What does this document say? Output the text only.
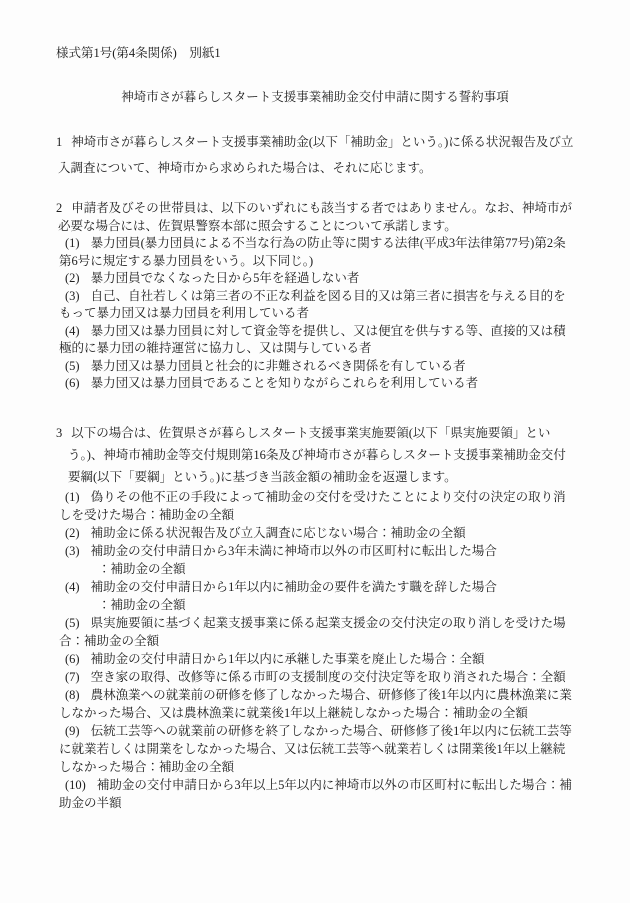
様式第1号(第4条関係)　別紙1

神埼市さが暮らしスタート支援事業補助金交付申請に関する誓約事項

1 神埼市さが暮らしスタート支援事業補助金(以下「補助金」という。)に係る状況報告及び立入調査について、神埼市から求められた場合は、それに応じます。

2 申請者及びその世帯員は、以下のいずれにも該当する者ではありません。なお、神埼市が必要な場合には、佐賀県警察本部に照会することについて承諾します。

(1) 暴力団員(暴力団員による不当な行為の防止等に関する法律(平成3年法律第77号)第2条第6号に規定する暴力団員をいう。以下同じ。)

(2) 暴力団員でなくなった日から5年を経過しない者

(3) 自己、自社若しくは第三者の不正な利益を図る目的又は第三者に損害を与える目的をもって暴力団又は暴力団員を利用している者

(4) 暴力団又は暴力団員に対して資金等を提供し、又は便宜を供与する等、直接的又は積極的に暴力団の維持運営に協力し、又は関与している者

(5) 暴力団又は暴力団員と社会的に非難されるべき関係を有している者

(6) 暴力団又は暴力団員であることを知りながらこれらを利用している者

3 以下の場合は、佐賀県さが暮らしスタート支援事業実施要領(以下「県実施要領」という。)、神埼市補助金等交付規則第16条及び神埼市さが暮らしスタート支援事業補助金交付要綱(以下「要綱」という。)に基づき当該金額の補助金を返還します。

(1) 偽りその他不正の手段によって補助金の交付を受けたことにより交付の決定の取り消しを受けた場合：補助金の全額

(2) 補助金に係る状況報告及び立入調査に応じない場合：補助金の全額

(3) 補助金の交付申請日から3年未満に神埼市以外の市区町村に転出した場合

：補助金の全額

(4) 補助金の交付申請日から1年以内に補助金の要件を満たす職を辞した場合

：補助金の全額

(5) 県実施要領に基づく起業支援事業に係る起業支援金の交付決定の取り消しを受けた場合：補助金の全額

(6) 補助金の交付申請日から1年以内に承継した事業を廃止した場合：全額

(7) 空き家の取得、改修等に係る市町の支援制度の交付決定等を取り消された場合：全額

(8) 農林漁業への就業前の研修を修了しなかった場合、研修修了後1年以内に農林漁業に業しなかった場合、又は農林漁業に就業後1年以上継続しなかった場合：補助金の全額

(9) 伝統工芸等への就業前の研修を終了しなかった場合、研修修了後1年以内に伝統工芸等に就業若しくは開業をしなかった場合、又は伝統工芸等へ就業若しくは開業後1年以上継続しなかった場合：補助金の全額

(10) 補助金の交付申請日から3年以上5年以内に神埼市以外の市区町村に転出した場合：補助金の半額
